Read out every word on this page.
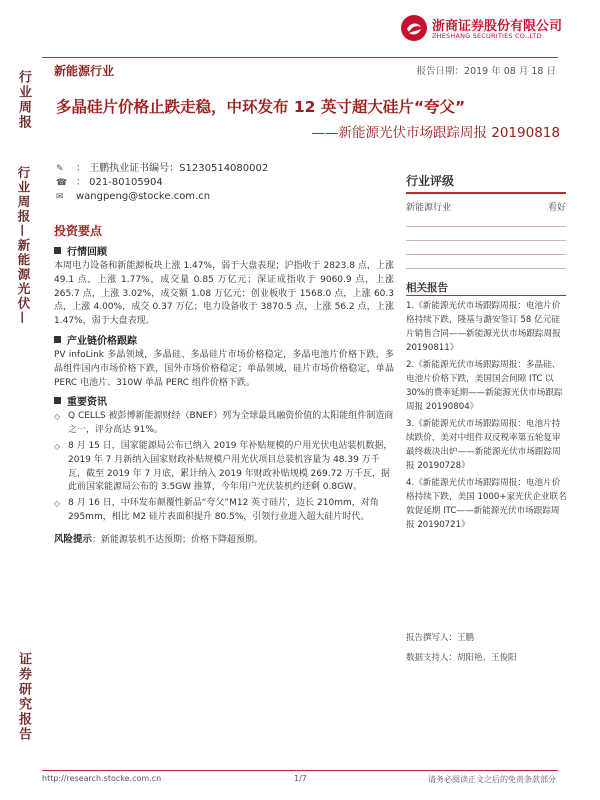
浙商证券股份有限公司
ZHESHANG SECURITIES CO.,LTD
新能源行业	报告日期：2019 年 08 月 18 日
行业周报
行业周报—新能源光伏—
证券研究报告
多晶硅片价格止跌走稳，中环发布 12 英寸超大硅片“夸父”
——新能源光伏市场跟踪周报 20190818
✎	： 王鹏执业证书编号：S1230514080002
☎ ： 021-80105904
✉	wangpeng@stocke.com.cn
行业评级
新能源行业	看好
相关报告
1.《新能源光伏市场跟踪周报：电池片价格持续下跌，隆基与潞安签订 58 亿元硅片销售合同——新能源光伏市场跟踪周报 20190811》
2.《新能源光伏市场跟踪周报：多晶硅、电池片价格下跌，美国国会间隙 ITC 以 30%的费率延期——新能源光伏市场跟踪周报 20190804》
3.《新能源光伏市场跟踪周报：电池片持续跌价，美对中组件双反税率第五轮复审最终裁决出炉——新能源光伏市场跟踪周报 20190728》
4.《新能源光伏市场跟踪周报：电池片价格持续下跌，美国 1000+家光伏企业联名敦促延期 ITC——新能源光伏市场跟踪周报 20190721》
投资要点
行情回顾
本周电力设备和新能源板块上涨 1.47%，弱于大盘表现；沪指收于 2823.8 点，上涨 49.1 点，上涨 1.77%，成交量 0.85 万亿元；深证成指收于 9060.9 点，上涨 265.7 点，上涨 3.02%，成交额 1.08 万亿元；创业板收于 1568.0 点，上涨 60.3 点，上涨 4.00%，成交 0.37 万亿；电力设备收于 3870.5 点，上涨 56.2 点，上涨 1.47%，弱于大盘表现。
产业链价格跟踪
PV infoLink 多晶领域，多晶硅、多晶硅片市场价格稳定，多晶电池片价格下跌，多晶组件国内市场价格下跌，国外市场价格稳定；单晶领域，硅片市场价格稳定，单晶 PERC 电池片、310W 单晶 PERC 组件价格下跌。
重要资讯
◇ Q CELLS 被彭博新能源财经（BNEF）列为全球最具融资价值的太阳能组件制造商之一，评分高达 91%。
◇ 8 月 15 日，国家能源局公布已纳入 2019 年补贴规模的户用光伏电站装机数据，2019 年 7 月新纳入国家财政补贴规模户用光伏项目总装机容量为 48.39 万千瓦，截至 2019 年 7 月底，累计纳入 2019 年财政补贴规模 269.72 万千瓦，据此前国家能源局公布的 3.5GW 推算，今年用户光伏装机约还剩 0.8GW。
◇ 8 月 16 日，中环发布颠覆性新品“夸父”M12 英寸硅片，边长 210mm，对角 295mm，相比 M2 硅片表面积提升 80.5%，引领行业进入超大硅片时代。
风险提示：新能源装机不达预期；价格下降超预期。
报告撰写人：王鹏
数据支持人：胡阳艳、王俊阳
http://research.stocke.com.cn	1/7	请务必阅读正文之后的免责条款部分
